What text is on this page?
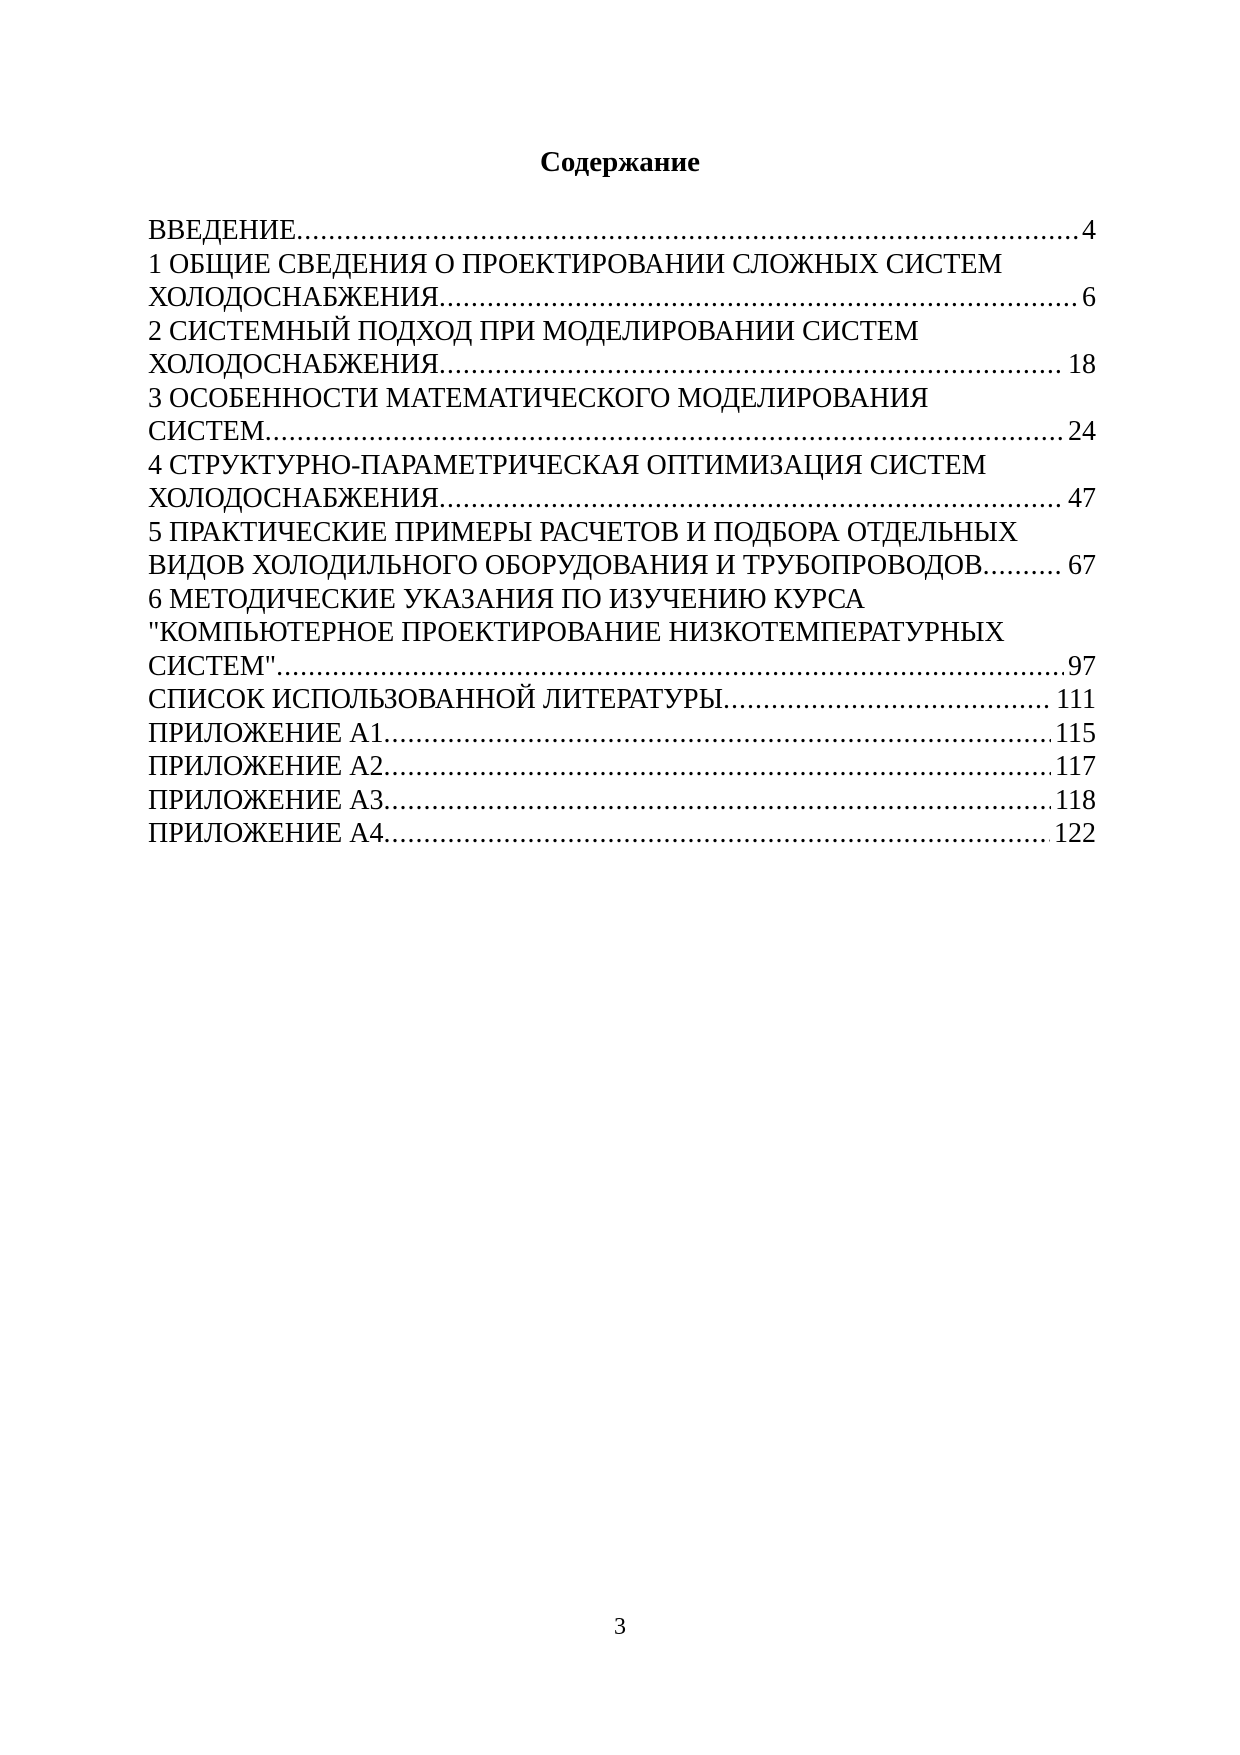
Содержание
ВВЕДЕНИЕ .....	4
1 ОБЩИЕ СВЕДЕНИЯ О ПРОЕКТИРОВАНИИ СЛОЖНЫХ СИСТЕМ
ХОЛОДОСНАБЖЕНИЯ .....	6
2 СИСТЕМНЫЙ ПОДХОД ПРИ МОДЕЛИРОВАНИИ СИСТЕМ
ХОЛОДОСНАБЖЕНИЯ .....	18
3 ОСОБЕННОСТИ МАТЕМАТИЧЕСКОГО МОДЕЛИРОВАНИЯ
СИСТЕМ .....	24
4 СТРУКТУРНО-ПАРАМЕТРИЧЕСКАЯ ОПТИМИЗАЦИЯ СИСТЕМ
ХОЛОДОСНАБЖЕНИЯ .....	47
5 ПРАКТИЧЕСКИЕ ПРИМЕРЫ РАСЧЕТОВ И ПОДБОРА ОТДЕЛЬНЫХ
ВИДОВ ХОЛОДИЛЬНОГО ОБОРУДОВАНИЯ И ТРУБОПРОВОДОВ .....	67
6 МЕТОДИЧЕСКИЕ УКАЗАНИЯ ПО ИЗУЧЕНИЮ КУРСА
"КОМПЬЮТЕРНОЕ ПРОЕКТИРОВАНИЕ НИЗКОТЕМПЕРАТУРНЫХ
СИСТЕМ" .....	97
СПИСОК ИСПОЛЬЗОВАННОЙ ЛИТЕРАТУРЫ .....	111
ПРИЛОЖЕНИЕ А1 .....	115
ПРИЛОЖЕНИЕ А2 .....	117
ПРИЛОЖЕНИЕ А3 .....	118
ПРИЛОЖЕНИЕ А4 .....	122
3
